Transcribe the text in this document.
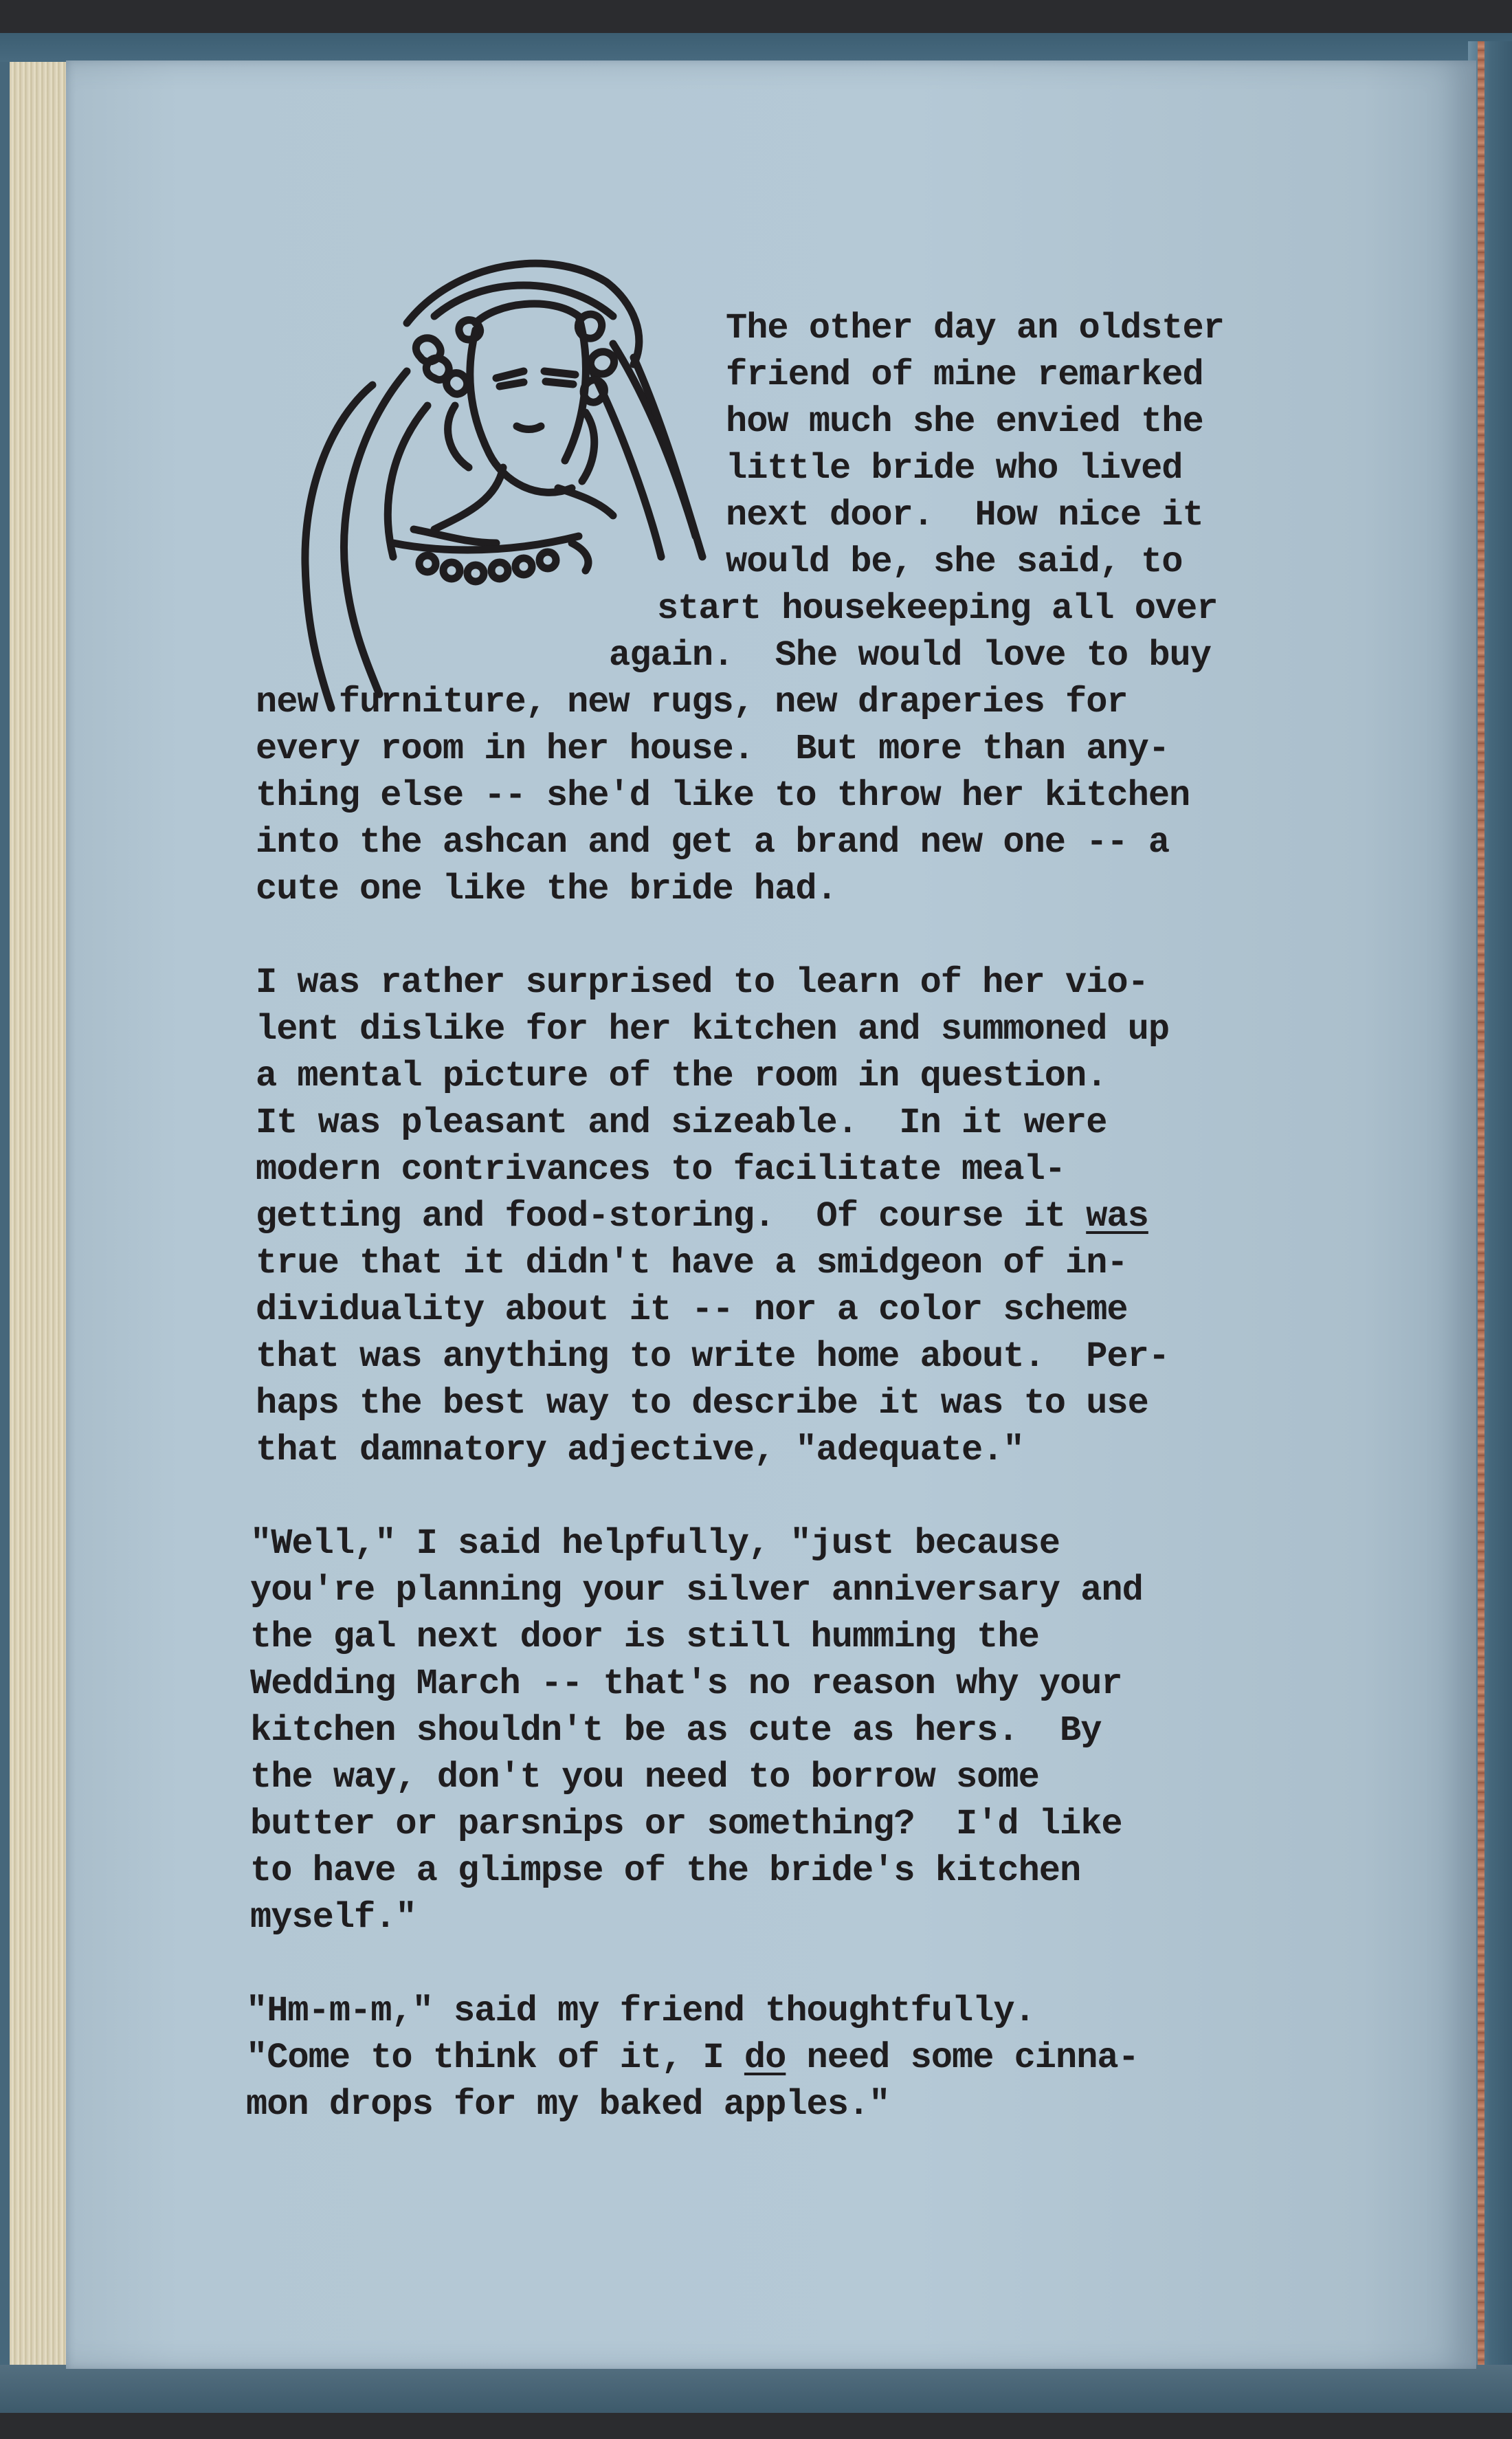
The other day an oldster

friend of mine remarked

how much she envied the

little bride who lived

next door.  How nice it

would be, she said, to

start housekeeping all over

again.  She would love to buy

new furniture, new rugs, new draperies for

every room in her house.  But more than any-

thing else -- she'd like to throw her kitchen

into the ashcan and get a brand new one -- a

cute one like the bride had.

I was rather surprised to learn of her vio-

lent dislike for her kitchen and summoned up

a mental picture of the room in question.

It was pleasant and sizeable.  In it were

modern contrivances to facilitate meal-

getting and food-storing.  Of course it was

true that it didn't have a smidgeon of in-

dividuality about it -- nor a color scheme

that was anything to write home about.  Per-

haps the best way to describe it was to use

that damnatory adjective, "adequate."

"Well," I said helpfully, "just because

you're planning your silver anniversary and

the gal next door is still humming the

Wedding March -- that's no reason why your

kitchen shouldn't be as cute as hers.  By

the way, don't you need to borrow some

butter or parsnips or something?  I'd like

to have a glimpse of the bride's kitchen

myself."

"Hm-m-m," said my friend thoughtfully.

"Come to think of it, I do need some cinna-

mon drops for my baked apples."
